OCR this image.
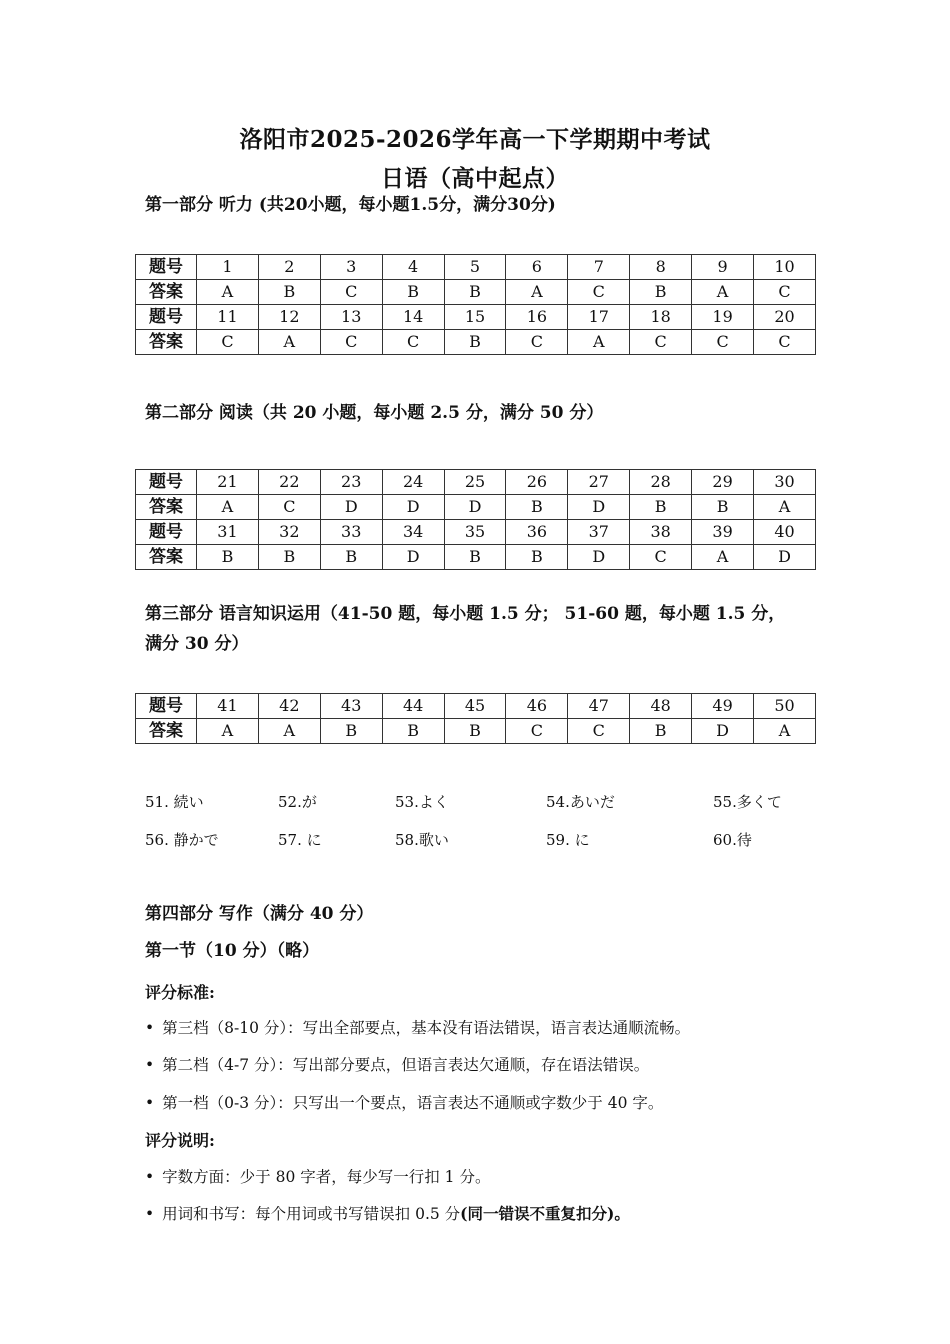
洛阳市2025-2026学年高一下学期期中考试
日语（高中起点）
第一部分 听力 (共20小题，每小题1.5分，满分30分)
题号	1	2	3	4	5	6	7	8	9	10
答案	A	B	C	B	B	A	C	B	A	C
题号	11	12	13	14	15	16	17	18	19	20
答案	C	A	C	C	B	C	A	C	C	C
第二部分 阅读（共 20 小题，每小题 2.5 分，满分 50 分）
题号	21	22	23	24	25	26	27	28	29	30
答案	A	C	D	D	D	B	D	B	B	A
题号	31	32	33	34	35	36	37	38	39	40
答案	B	B	B	D	B	B	D	C	A	D
第三部分 语言知识运用（41-50 题，每小题 1.5 分； 51-60 题，每小题 1.5 分，
满分 30 分）
题号	41	42	43	44	45	46	47	48	49	50
答案	A	A	B	B	B	C	C	B	D	A
51. 続い	52.が	53.よく	54.あいだ	55.多くて
56. 静かで	57. に	58.歌い	59. に	60.待
第四部分 写作（满分 40 分）
第一节（10 分）（略）
评分标准:
• 第三档（8-10 分）：写出全部要点，基本没有语法错误，语言表达通顺流畅。
• 第二档（4-7 分）：写出部分要点，但语言表达欠通顺，存在语法错误。
• 第一档（0-3 分）：只写出一个要点，语言表达不通顺或字数少于 40 字。
评分说明:
• 字数方面：少于 80 字者，每少写一行扣 1 分。
• 用词和书写：每个用词或书写错误扣 0.5 分(同一错误不重复扣分)。
